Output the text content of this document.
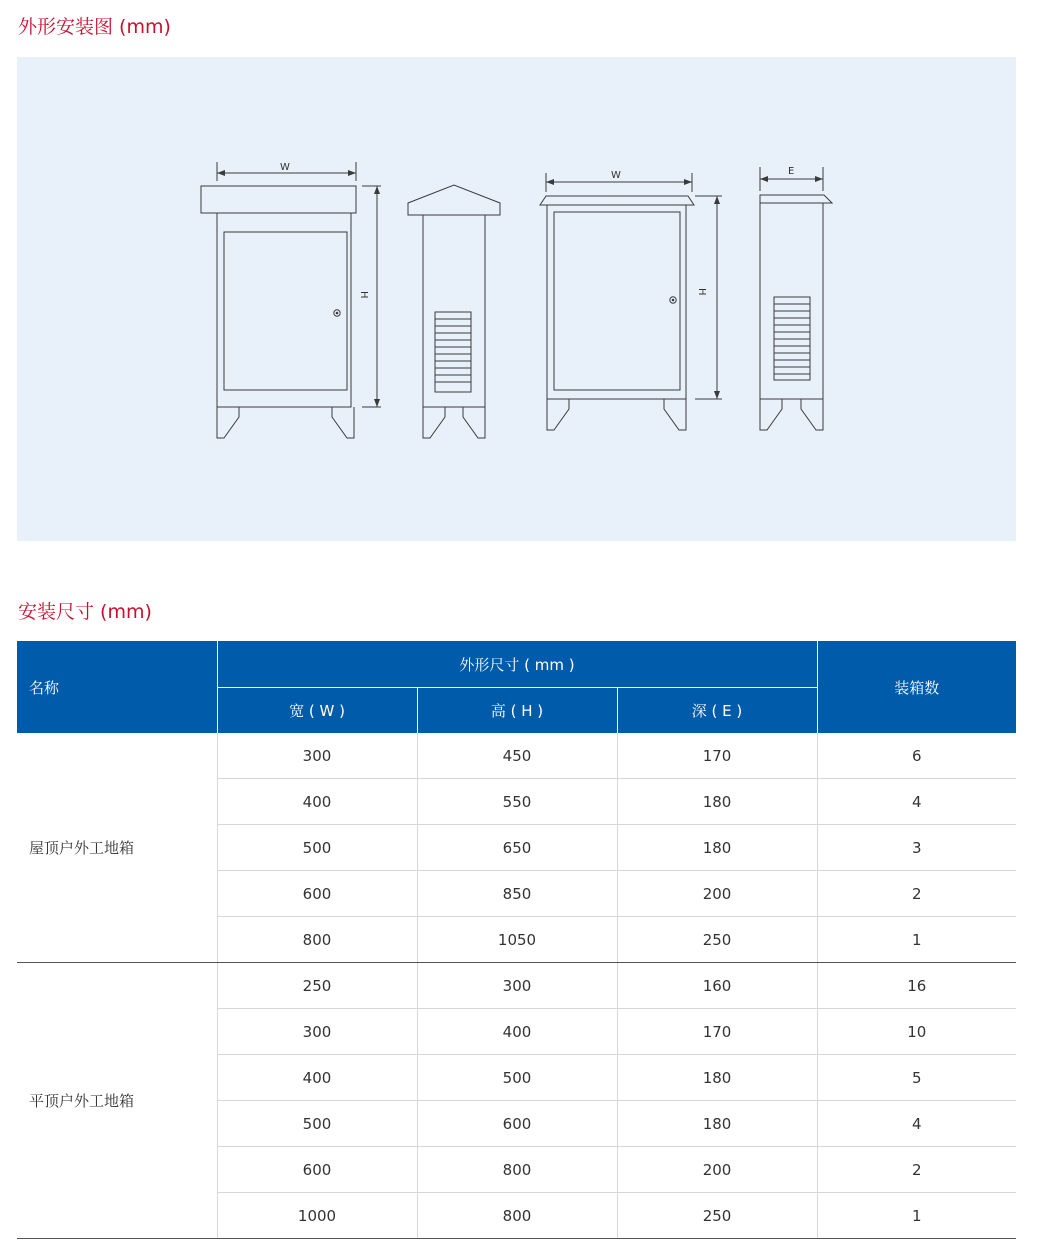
外形安装图 (mm)
W
H
W
H
E
安装尺寸 (mm)
名称	外形尺寸 ( mm )			装箱数
	宽 ( W )	高 ( H )	深 ( E )	
屋顶户外工地箱	300	450	170	6
	400	550	180	4
	500	650	180	3
	600	850	200	2
	800	1050	250	1
平顶户外工地箱	250	300	160	16
	300	400	170	10
	400	500	180	5
	500	600	180	4
	600	800	200	2
	1000	800	250	1
